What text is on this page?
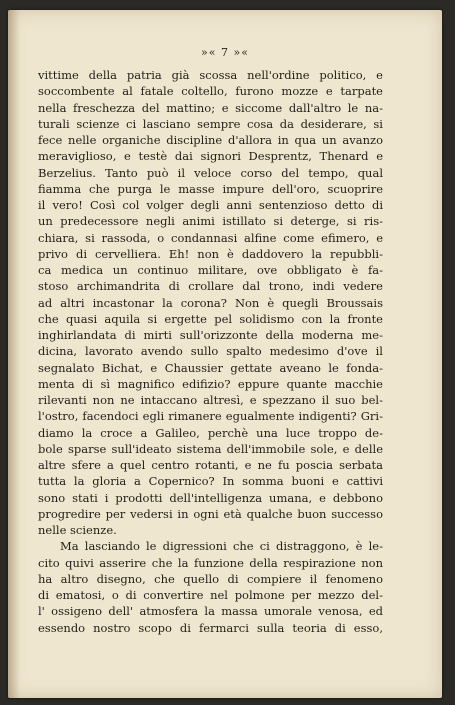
»« 7 »«
vittime della patria già scossa nell'ordine politico, e
soccombente al fatale coltello, furono mozze e tarpate
nella freschezza del mattino; e siccome dall'altro le na-
turali scienze ci lasciano sempre cosa da desiderare, si
fece nelle organiche discipline d'allora in qua un avanzo
meraviglioso, e testè dai signori Desprentz, Thenard e
Berzelius. Tanto può il veloce corso del tempo, qual
fiamma che purga le masse impure dell'oro, scuoprire
il vero! Così col volger degli anni sentenzioso detto di
un predecessore negli animi istillato si deterge, si ris-
chiara, si rassoda, o condannasi alfine come efimero, e
privo di cervelliera. Eh! non è daddovero la repubbli-
ca medica un continuo militare, ove obbligato è fa-
stoso archimandrita di crollare dal trono, indi vedere
ad altri incastonar la corona? Non è quegli Broussais
che quasi aquila si ergette pel solidismo con la fronte
inghirlandata di mirti sull'orizzonte della moderna me-
dicina, lavorato avendo sullo spalto medesimo d'ove il
segnalato Bichat, e Chaussier gettate aveano le fonda-
menta di sì magnifico edifizio? eppure quante macchie
rilevanti non ne intaccano altresì, e spezzano il suo bel-
l'ostro, facendoci egli rimanere egualmente indigenti? Gri-
diamo la croce a Galileo, perchè una luce troppo de-
bole sparse sull'ideato sistema dell'immobile sole, e delle
altre sfere a quel centro rotanti, e ne fu poscia serbata
tutta la gloria a Copernico? In somma buoni e cattivi
sono stati i prodotti dell'intelligenza umana, e debbono
progredire per vedersi in ogni età qualche buon successo
nelle scienze.
Ma lasciando le digressioni che ci distraggono, è le-
cito quivi asserire che la funzione della respirazione non
ha altro disegno, che quello di compiere il fenomeno
di ematosi, o di convertire nel polmone per mezzo del-
l' ossigeno dell' atmosfera la massa umorale venosa, ed
essendo nostro scopo di fermarci sulla teoria di esso,
